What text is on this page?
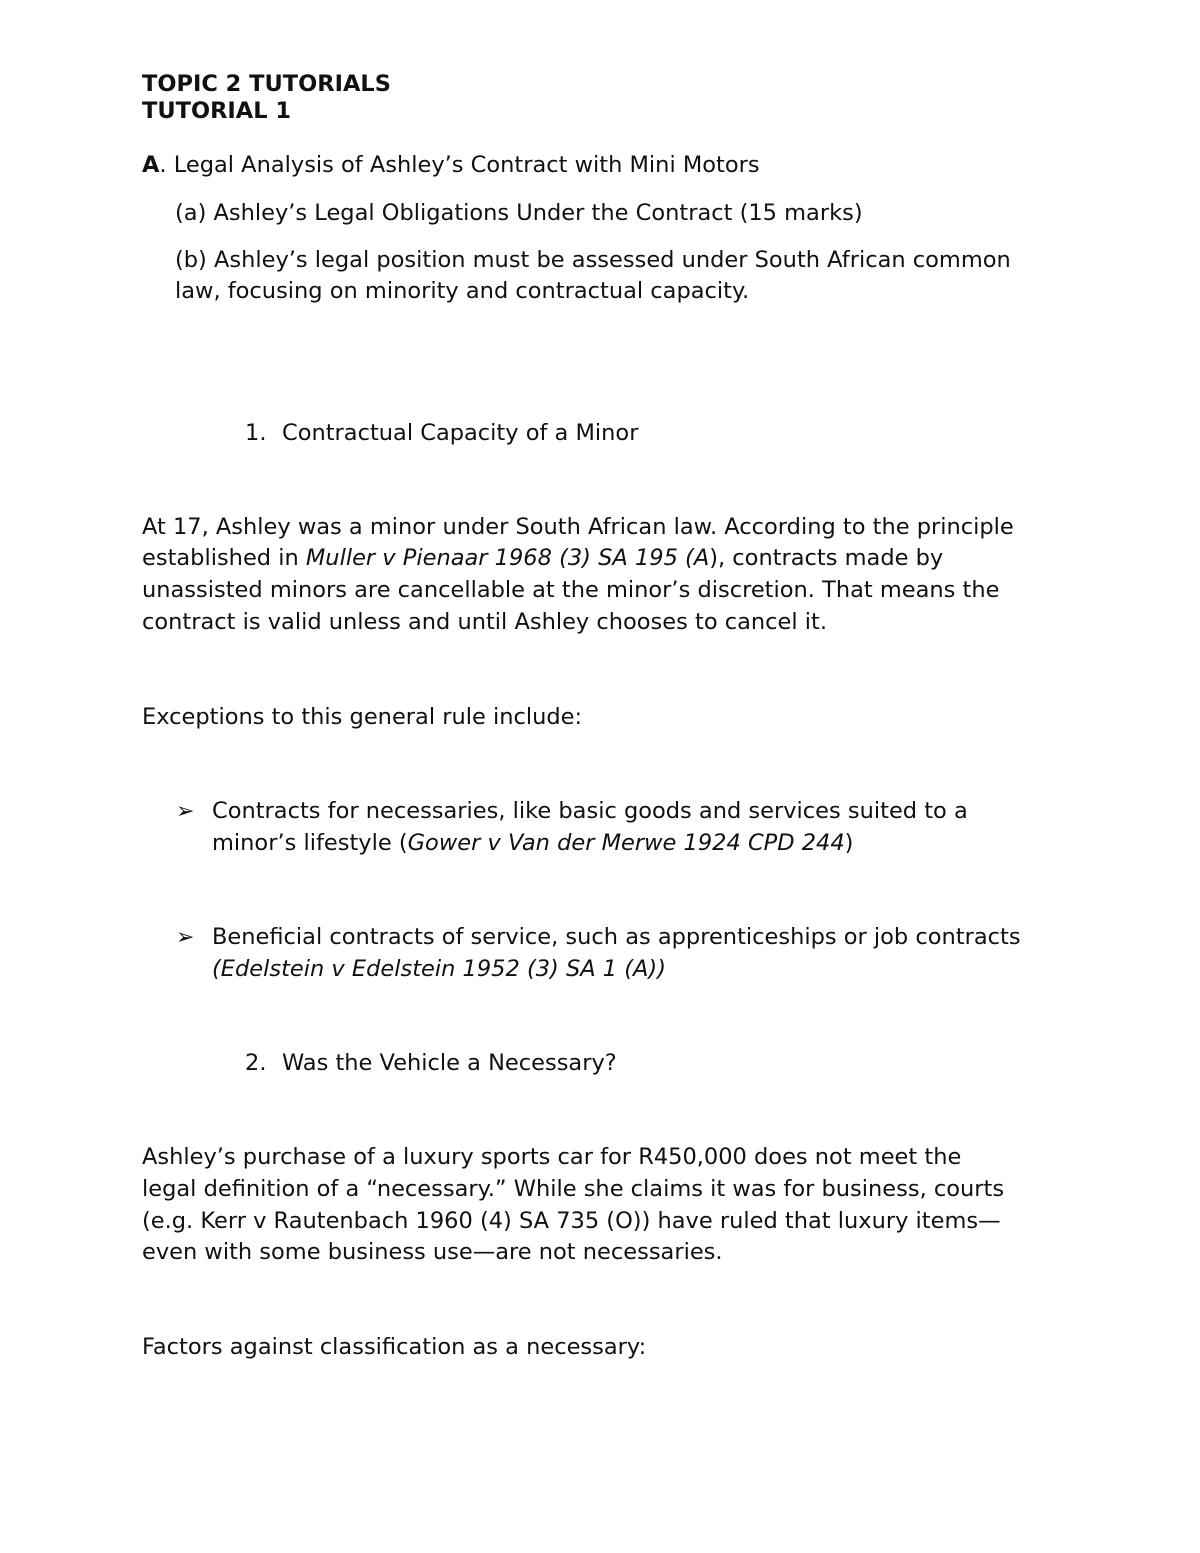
TOPIC 2 TUTORIALS
TUTORIAL 1
A. Legal Analysis of Ashley’s Contract with Mini Motors
(a) Ashley’s Legal Obligations Under the Contract (15 marks)
(b) Ashley’s legal position must be assessed under South African common
law, focusing on minority and contractual capacity.
1. Contractual Capacity of a Minor
At 17, Ashley was a minor under South African law. According to the principle
established in Muller v Pienaar 1968 (3) SA 195 (A), contracts made by
unassisted minors are cancellable at the minor’s discretion. That means the
contract is valid unless and until Ashley chooses to cancel it.
Exceptions to this general rule include:
➢ Contracts for necessaries, like basic goods and services suited to a
minor’s lifestyle (Gower v Van der Merwe 1924 CPD 244)
➢ Beneficial contracts of service, such as apprenticeships or job contracts
(Edelstein v Edelstein 1952 (3) SA 1 (A))
2. Was the Vehicle a Necessary?
Ashley’s purchase of a luxury sports car for R450,000 does not meet the
legal definition of a “necessary.” While she claims it was for business, courts
(e.g. Kerr v Rautenbach 1960 (4) SA 735 (O)) have ruled that luxury items—
even with some business use—are not necessaries.
Factors against classification as a necessary:
